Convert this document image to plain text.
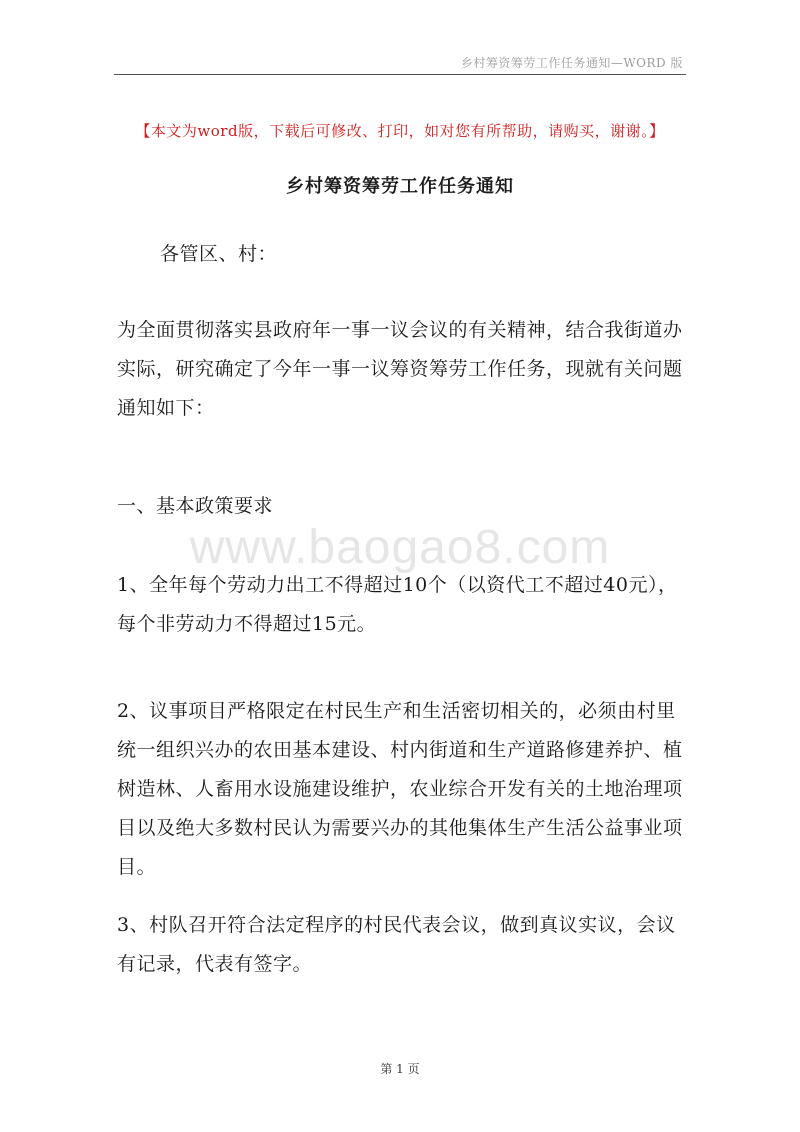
乡村筹资筹劳工作任务通知—WORD 版
【本文为word版，下载后可修改、打印，如对您有所帮助，请购买，谢谢。】
乡村筹资筹劳工作任务通知
www.baogao8.com
各管区、村：
为全面贯彻落实县政府年一事一议会议的有关精神，结合我街道办实际，研究确定了今年一事一议筹资筹劳工作任务，现就有关问题通知如下：
一、基本政策要求
1、全年每个劳动力出工不得超过10个（以资代工不超过40元），每个非劳动力不得超过15元。
2、议事项目严格限定在村民生产和生活密切相关的，必须由村里统一组织兴办的农田基本建设、村内街道和生产道路修建养护、植树造林、人畜用水设施建设维护，农业综合开发有关的土地治理项目以及绝大多数村民认为需要兴办的其他集体生产生活公益事业项目。
3、村队召开符合法定程序的村民代表会议，做到真议实议，会议有记录，代表有签字。
第 1 页
